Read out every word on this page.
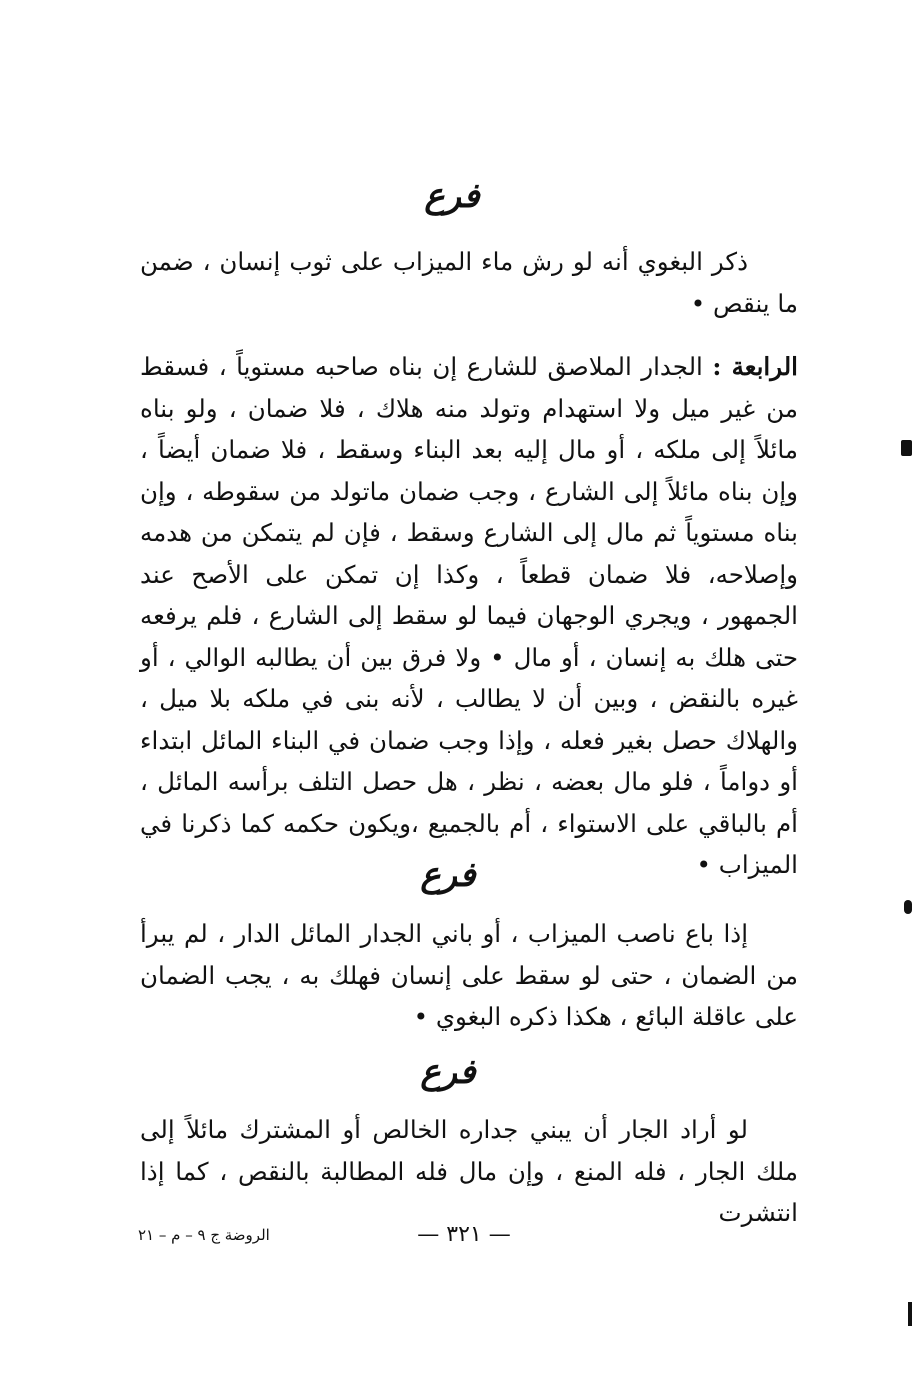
فرع
ذكر البغوي أنه لو رش ماء الميزاب على ثوب إنسان ، ضمن ما ينقص •
الرابعة : الجدار الملاصق للشارع إن بناه صاحبه مستوياً ، فسقط من غير ميل ولا استهدام وتولد منه هلاك ، فلا ضمان ، ولو بناه مائلاً إلى ملكه ، أو مال إليه بعد البناء وسقط ، فلا ضمان أيضاً ، وإن بناه مائلاً إلى الشارع ، وجب ضمان ماتولد من سقوطه ، وإن بناه مستوياً ثم مال إلى الشارع وسقط ، فإن لم يتمكن من هدمه وإصلاحه، فلا ضمان قطعاً ، وكذا إن تمكن على الأصح عند الجمهور ، ويجري الوجهان فيما لو سقط إلى الشارع ، فلم يرفعه حتى هلك به إنسان ، أو مال • ولا فرق بين أن يطالبه الوالي ، أو غيره بالنقض ، وبين أن لا يطالب ، لأنه بنى في ملكه بلا ميل ، والهلاك حصل بغير فعله ، وإذا وجب ضمان في البناء المائل ابتداء أو دواماً ، فلو مال بعضه ، نظر ، هل حصل التلف برأسه المائل ، أم بالباقي على الاستواء ، أم بالجميع ،ويكون حكمه كما ذكرنا في الميزاب •
فرع
إذا باع ناصب الميزاب ، أو باني الجدار المائل الدار ، لم يبرأ من الضمان ، حتى لو سقط على إنسان فهلك به ، يجب الضمان على عاقلة البائع ، هكذا ذكره البغوي •
فرع
لو أراد الجار أن يبني جداره الخالص أو المشترك مائلاً إلى ملك الجار ، فله المنع ، وإن مال فله المطالبة بالنقص ، كما إذا انتشرت
— ٣٢١ —
الروضة ج ٩ – م – ٢١
